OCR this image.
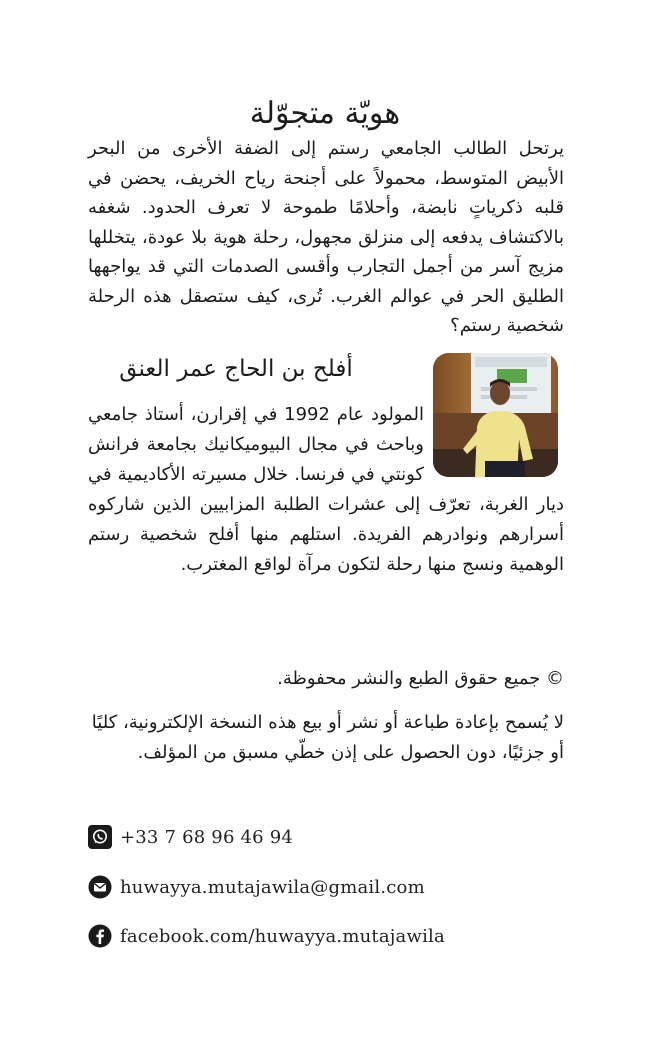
هويّة متجوّلة
يرتحل الطالب الجامعي رستم إلى الضفة الأخرى من البحر الأبيض المتوسط، محمولاً على أجنحة رياح الخريف، يحضن في قلبه ذكرياتٍ نابضة، وأحلامًا طموحة لا تعرف الحدود. شغفه بالاكتشاف يدفعه إلى منزلق مجهول، رحلة هوية بلا عودة، يتخللها مزيج آسر من أجمل التجارب وأقسى الصدمات التي قد يواجهها الطليق الحر في عوالم الغرب. تُرى، كيف ستصقل هذه الرحلة شخصية رستم؟
أفلح بن الحاج عمر العنق
المولود عام 1992 في إقرارن، أستاذ جامعي وباحث في مجال البيوميكانيك بجامعة فرانش كونتي في فرنسا. خلال مسيرته الأكاديمية في ديار الغربة، تعرّف إلى عشرات الطلبة المزابيين الذين شاركوه أسرارهم ونوادرهم الفريدة. استلهم منها أفلح شخصية رستم الوهمية ونسج منها رحلة لتكون مرآة لواقع المغترب.
© جميع حقوق الطبع والنشر محفوظة.
لا يُسمح بإعادة طباعة أو نشر أو بيع هذه النسخة الإلكترونية، كليًا أو جزئيًا، دون الحصول على إذن خطّي مسبق من المؤلف.
+33 7 68 96 46 94
huwayya.mutajawila@gmail.com
facebook.com/huwayya.mutajawila
